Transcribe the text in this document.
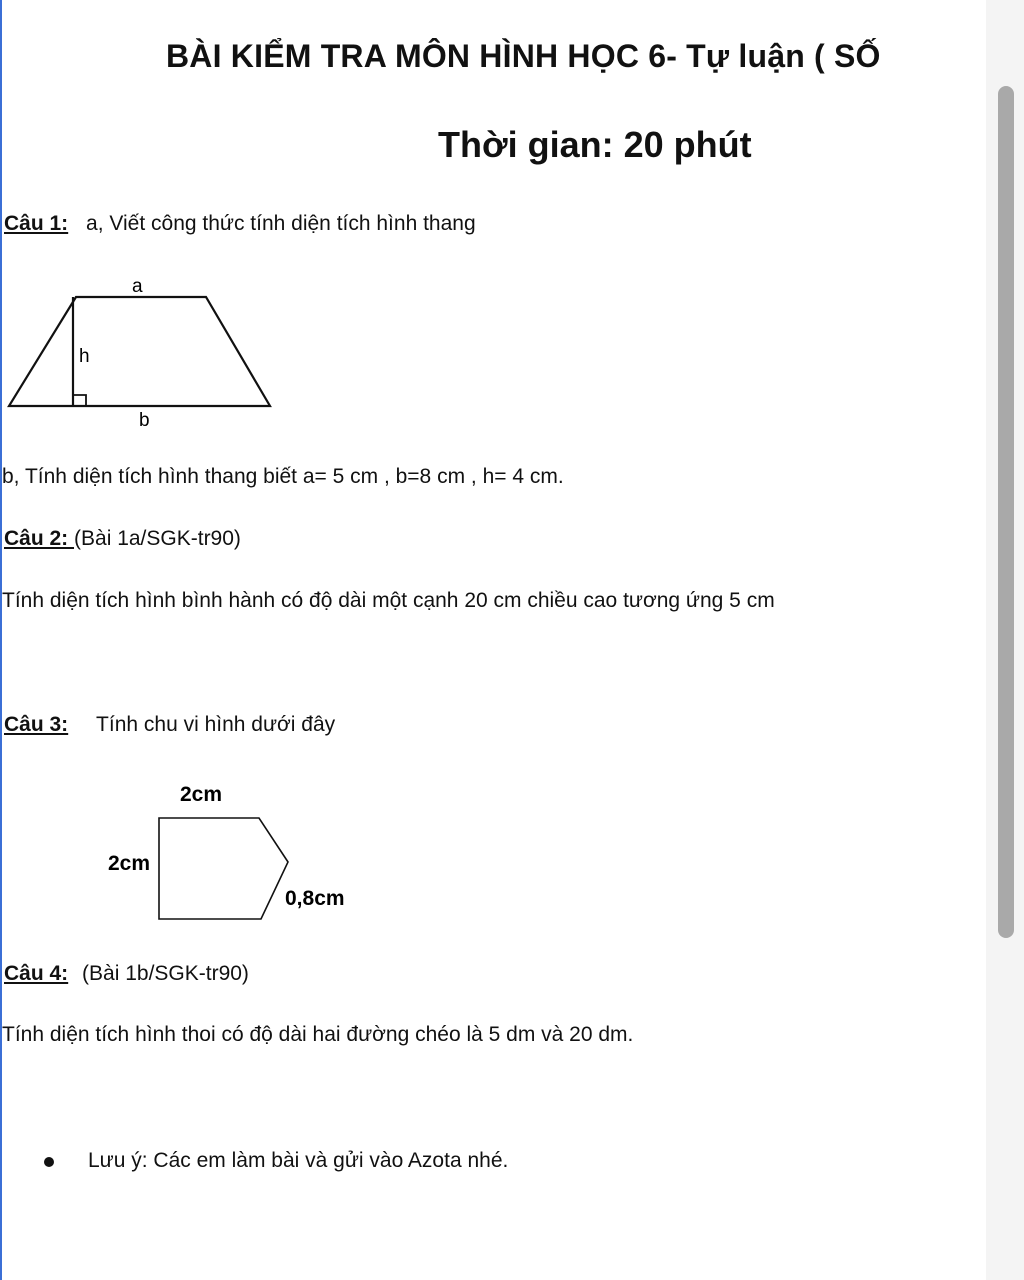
BÀI KIỂM TRA MÔN HÌNH HỌC 6- Tự luận ( SỐ
Thời gian: 20 phút
Câu 1: a, Viết công thức tính diện tích hình thang
a
h
b
2cm
2cm
0,8cm
b, Tính diện tích hình thang biết a= 5 cm , b=8 cm , h= 4 cm.
Câu 2: (Bài 1a/SGK-tr90)
Tính diện tích hình bình hành có độ dài một cạnh 20 cm chiều cao tương ứng 5 cm
Câu 3: Tính chu vi hình dưới đây
Câu 4: (Bài 1b/SGK-tr90)
Tính diện tích hình thoi có độ dài hai đường chéo là 5 dm và 20 dm.
Lưu ý: Các em làm bài và gửi vào Azota nhé.
